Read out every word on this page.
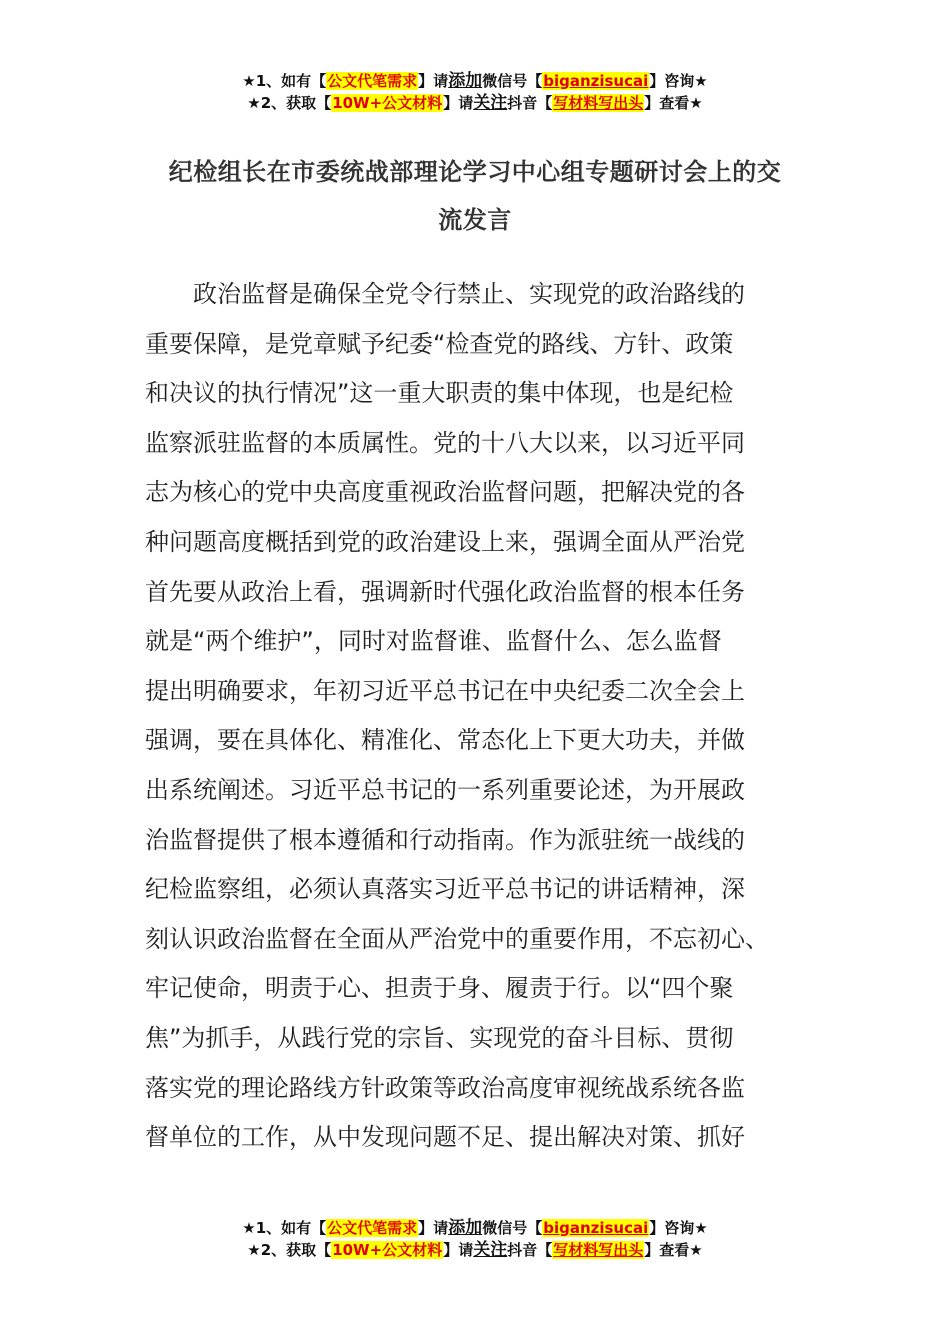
★1、如有【公文代笔需求】请添加微信号【biganzisucai】咨询★
★2、获取【10W+公文材料】请关注抖音【写材料写出头】查看★
纪检组长在市委统战部理论学习中心组专题研讨会上的交
流发言
　　政治监督是确保全党令行禁止、实现党的政治路线的
重要保障，是党章赋予纪委“检查党的路线、方针、政策
和决议的执行情况”这一重大职责的集中体现，也是纪检
监察派驻监督的本质属性。党的十八大以来，以习近平同
志为核心的党中央高度重视政治监督问题，把解决党的各
种问题高度概括到党的政治建设上来，强调全面从严治党
首先要从政治上看，强调新时代强化政治监督的根本任务
就是“两个维护”，同时对监督谁、监督什么、怎么监督
提出明确要求，年初习近平总书记在中央纪委二次全会上
强调，要在具体化、精准化、常态化上下更大功夫，并做
出系统阐述。习近平总书记的一系列重要论述，为开展政
治监督提供了根本遵循和行动指南。作为派驻统一战线的
纪检监察组，必须认真落实习近平总书记的讲话精神，深
刻认识政治监督在全面从严治党中的重要作用，不忘初心、
牢记使命，明责于心、担责于身、履责于行。以“四个聚
焦”为抓手，从践行党的宗旨、实现党的奋斗目标、贯彻
落实党的理论路线方针政策等政治高度审视统战系统各监
督单位的工作，从中发现问题不足、提出解决对策、抓好
★1、如有【公文代笔需求】请添加微信号【biganzisucai】咨询★
★2、获取【10W+公文材料】请关注抖音【写材料写出头】查看★
